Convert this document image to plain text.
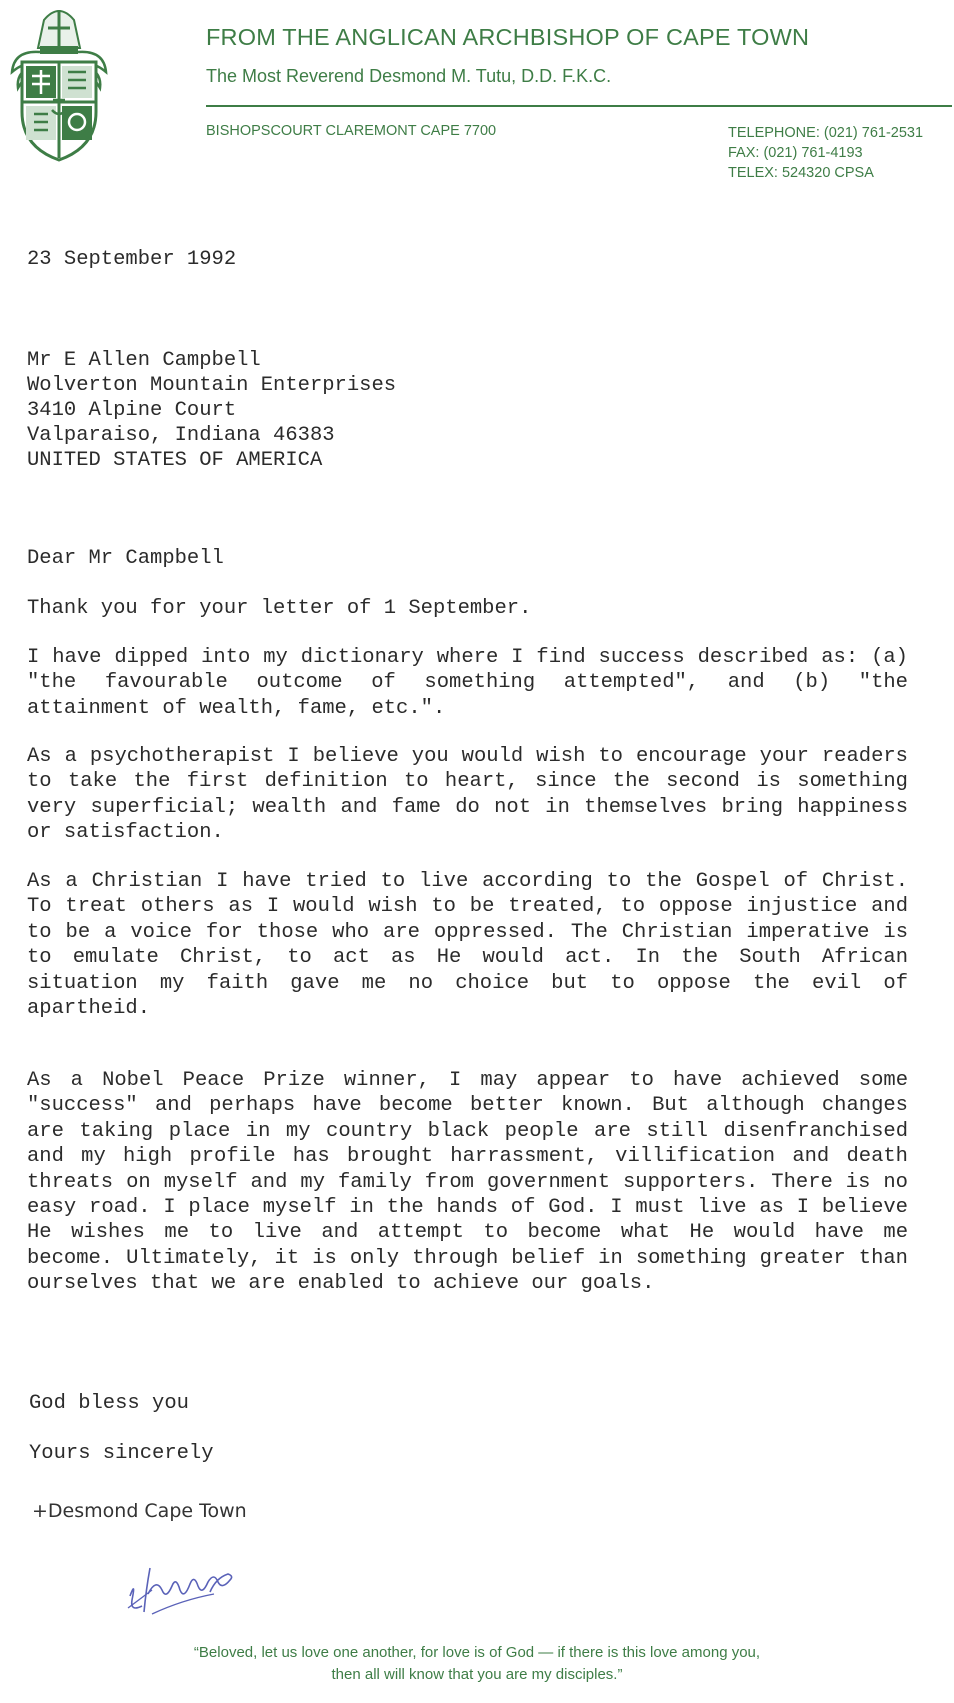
FROM THE ANGLICAN ARCHBISHOP OF CAPE TOWN
The Most Reverend Desmond M. Tutu, D.D. F.K.C.
BISHOPSCOURT CLAREMONT CAPE 7700	TELEPHONE: (021) 761-2531
FAX: (021) 761-4193
TELEX: 524320 CPSA
23 September 1992
Mr E Allen Campbell
Wolverton Mountain Enterprises
3410 Alpine Court
Valparaiso, Indiana 46383
UNITED STATES OF AMERICA
Dear Mr Campbell

Thank you for your letter of 1 September.

I have dipped into my dictionary where I find success described as: (a) "the favourable outcome of something attempted", and (b) "the attainment of wealth, fame, etc.".

As a psychotherapist I believe you would wish to encourage your readers to take the first definition to heart, since the second is something very superficial; wealth and fame do not in themselves bring happiness or satisfaction.

As a Christian I have tried to live according to the Gospel of Christ. To treat others as I would wish to be treated, to oppose injustice and to be a voice for those who are oppressed. The Christian imperative is to emulate Christ, to act as He would act. In the South African situation my faith gave me no choice but to oppose the evil of apartheid.

As a Nobel Peace Prize winner, I may appear to have achieved some "success" and perhaps have become better known. But although changes are taking place in my country black people are still disenfranchised and my high profile has brought harrassment, villification and death threats on myself and my family from government supporters. There is no easy road. I place myself in the hands of God. I must live as I believe He wishes me to live and attempt to become what He would have me become. Ultimately, it is only through belief in something greater than ourselves that we are enabled to achieve our goals.

God bless you
Yours sincerely
+Desmond Cape Town
“Beloved, let us love one another, for love is of God — if there is this love among you,
then all will know that you are my disciples.”
